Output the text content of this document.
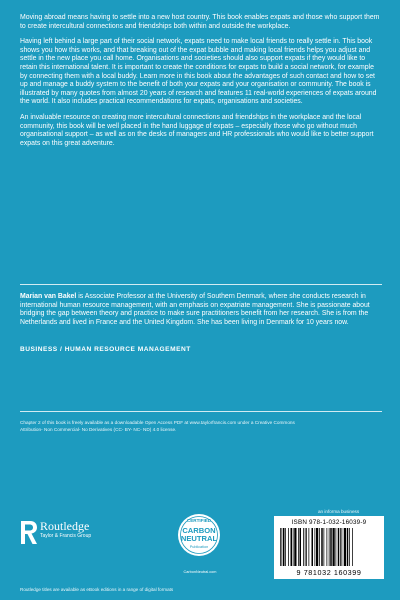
Moving abroad means having to settle into a new host country. This book enables expats and those who support them to create intercultural connections and friendships both within and outside the workplace.

Having left behind a large part of their social network, expats need to make local friends to really settle in. This book shows you how this works, and that breaking out of the expat bubble and making local friends helps you adjust and settle in the new place you call home. Organisations and societies should also support expats if they would like to retain this international talent. It is important to create the conditions for expats to build a social network, for example by connecting them with a local buddy. Learn more in this book about the advantages of such contact and how to set up and manage a buddy system to the benefit of both your expats and your organisation or community. The book is illustrated by many quotes from almost 20 years of research and features 11 real-world experiences of expats around the world. It also includes practical recommendations for expats, organisations and societies.

An invaluable resource on creating more intercultural connections and friendships in the workplace and the local community, this book will be well placed in the hand luggage of expats – especially those who go without much organisational support – as well as on the desks of managers and HR professionals who would like to better support expats on this great adventure.

Marian van Bakel is Associate Professor at the University of Southern Denmark, where she conducts research in international human resource management, with an emphasis on expatriate management. She is passionate about bridging the gap between theory and practice to make sure practitioners benefit from her research. She is from the Netherlands and lived in France and the United Kingdom. She has been living in Denmark for 10 years now.
BUSINESS / HUMAN RESOURCE MANAGEMENT
Chapter 2 of this book is freely available as a downloadable Open Access PDF at www.taylorfrancis.com under a Creative Commons Attribution- Non Commercial- No Derivatives (CC- BY- NC- ND) 4.0 license.
Routledge
Taylor & Francis Group
CERTIFIED
CARBON
NEUTRAL
Publication
CarbonNeutral.com
an informa business
ISBN 978-1-032-16039-9
9 781032 160399
Routledge titles are available as eBook editions in a range of digital formats
